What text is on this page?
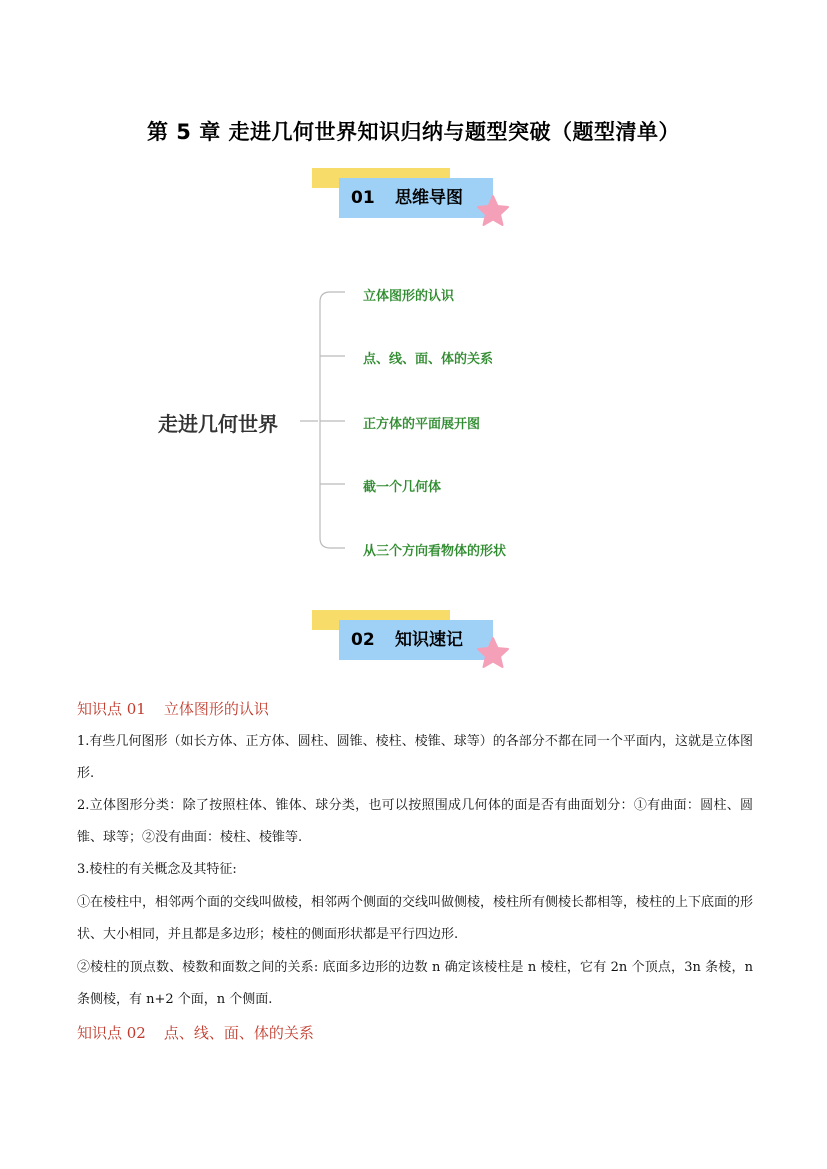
第 5 章 走进几何世界知识归纳与题型突破（题型清单）
01 思维导图
走进几何世界
立体图形的认识
点、线、面、体的关系
正方体的平面展开图
截一个几何体
从三个方向看物体的形状
02 知识速记
知识点 01 立体图形的认识
1.有些几何图形（如长方体、正方体、圆柱、圆锥、棱柱、棱锥、球等）的各部分不都在同一个平面内，这就是立体图形.
2.立体图形分类：除了按照柱体、锥体、球分类，也可以按照围成几何体的面是否有曲面划分：①有曲面：圆柱、圆锥、球等；②没有曲面：棱柱、棱锥等.
3.棱柱的有关概念及其特征:
①在棱柱中，相邻两个面的交线叫做棱，相邻两个侧面的交线叫做侧棱，棱柱所有侧棱长都相等，棱柱的上下底面的形状、大小相同，并且都是多边形；棱柱的侧面形状都是平行四边形.
②棱柱的顶点数、棱数和面数之间的关系: 底面多边形的边数 n 确定该棱柱是 n 棱柱，它有 2n 个顶点，3n 条棱，n 条侧棱，有 n+2 个面，n 个侧面.
知识点 02 点、线、面、体的关系
